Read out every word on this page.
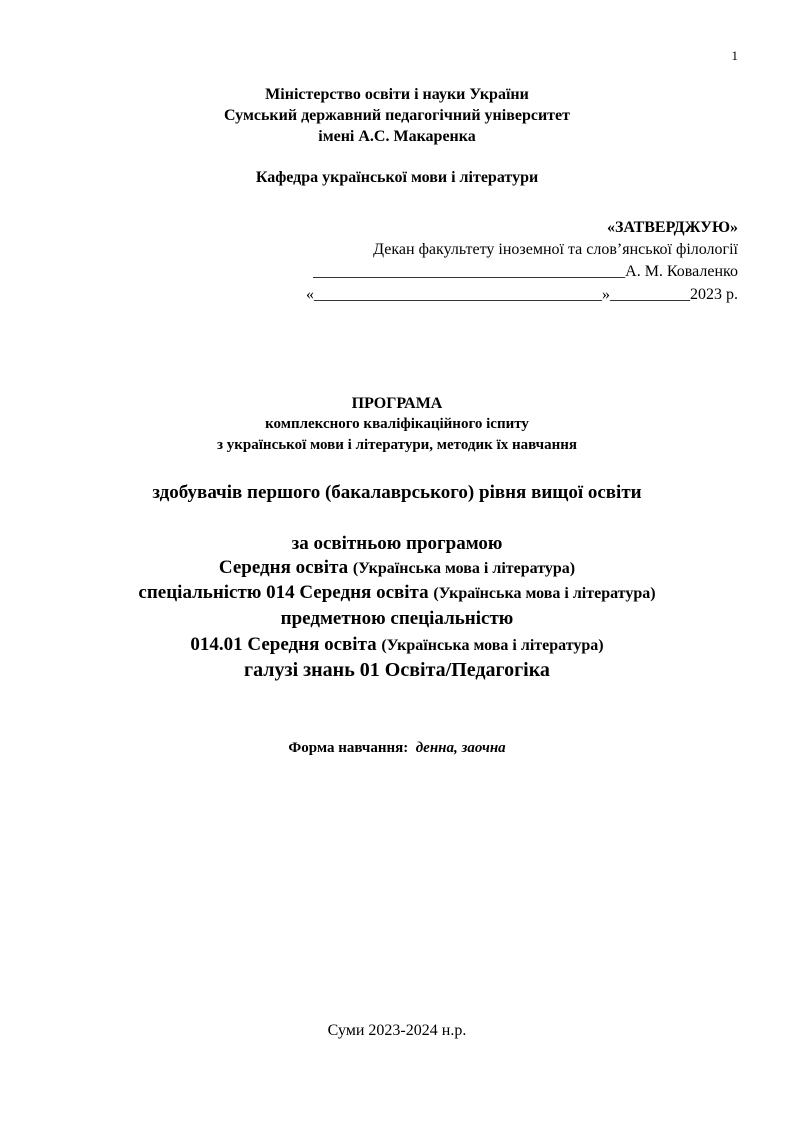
1
Міністерство освіти і науки України
Сумський державний педагогічний університет
імені А.С. Макаренка
Кафедра української мови і літератури
«ЗАТВЕРДЖУЮ»
Декан факультету іноземної та слов’янської філології
_______________________________________А. М. Коваленко
«____________________________________»__________2023 р.
ПРОГРАМА
комплексного кваліфікаційного іспиту
з української мови і літератури, методик їх навчання
здобувачів першого (бакалаврського) рівня вищої освіти
за освітньою програмою
Середня освіта (Українська мова і література)
спеціальністю 014 Середня освіта (Українська мова і література)
предметною спеціальністю
014.01 Середня освіта (Українська мова і література)
галузі знань 01 Освіта/Педагогіка
Форма навчання: денна, заочна
Суми 2023-2024 н.р.
